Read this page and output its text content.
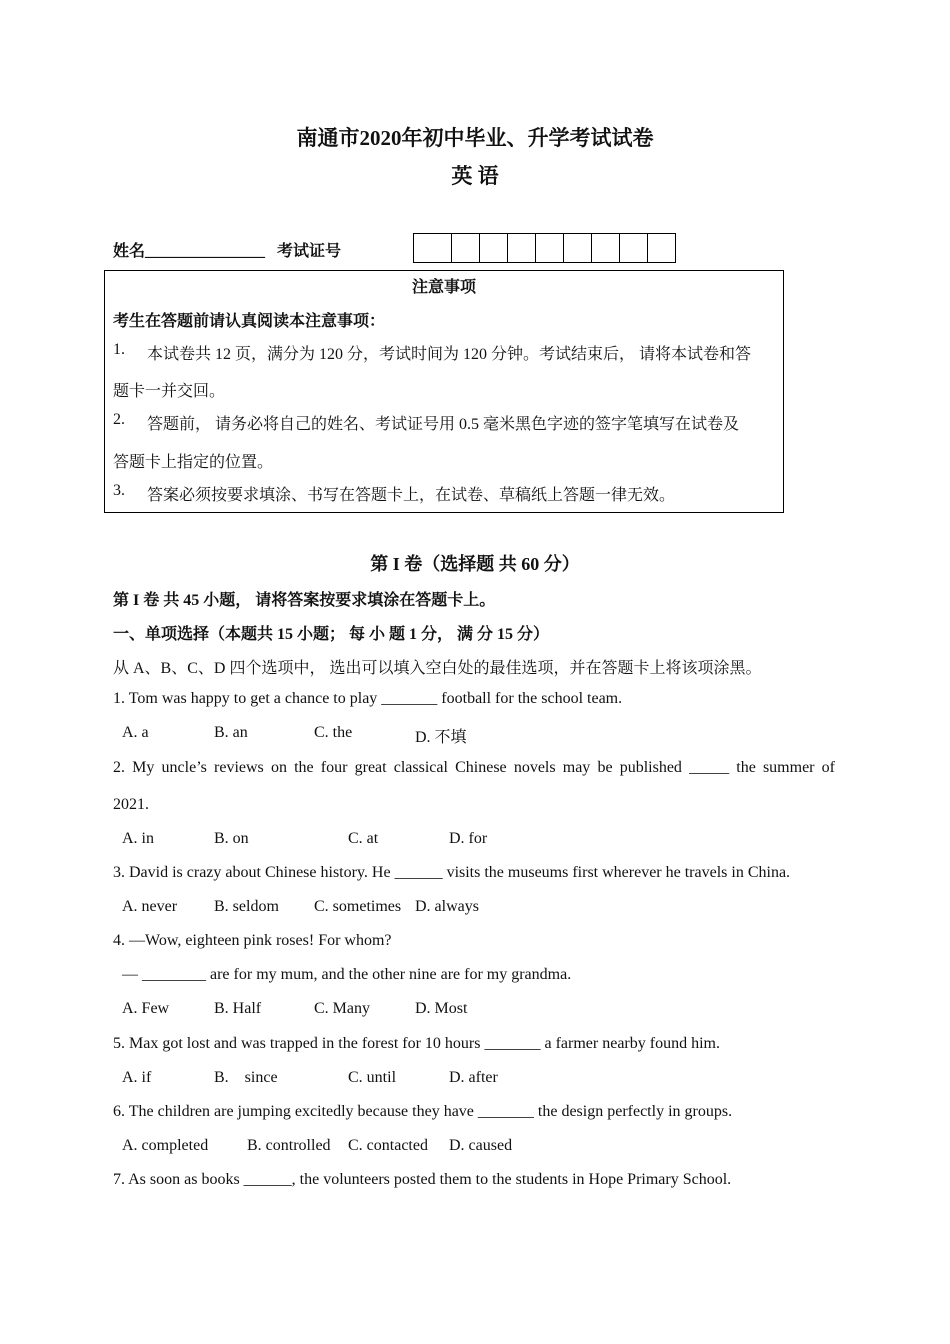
南通市2020年初中毕业、升学考试试卷
英 语
姓名_______________ 考试证号
注意事项
考生在答题前请认真阅读本注意事项：
1. 本试卷共 12 页，满分为 120 分，考试时间为 120 分钟。考试结束后， 请将本试卷和答
题卡一并交回。
2. 答题前， 请务必将自己的姓名、考试证号用 0.5 毫米黑色字迹的签字笔填写在试卷及
答题卡上指定的位置。
3. 答案必须按要求填涂、书写在答题卡上，在试卷、草稿纸上答题一律无效。
第 I 卷（选择题 共 60 分）
第 I 卷 共 45 小题， 请将答案按要求填涂在答题卡上。
一、单项选择（本题共 15 小题； 每 小 题 1 分， 满 分 15 分）
从 A、B、C、D 四个选项中， 选出可以填入空白处的最佳选项，并在答题卡上将该项涂黑。
1. Tom was happy to get a chance to play _______ football for the school team.
A. a	B. an	C. the	D. 不填
2. My uncle’s reviews on the four great classical Chinese novels may be published _____ the summer of
2021.
A. in	B. on	C. at	D. for
3. David is crazy about Chinese history. He ______ visits the museums first wherever he travels in China.
A. never B. seldom C. sometimes D. always
4. —Wow, eighteen pink roses! For whom?
— ________ are for my mum, and the other nine are for my grandma.
A. Few	B. Half	C. Many	D. Most
5. Max got lost and was trapped in the forest for 10 hours _______ a farmer nearby found him.
A. if	B.    since	C. until	D. after
6. The children are jumping excitedly because they have _______ the design perfectly in groups.
A. completed B. controlled C. contacted D. caused
7. As soon as books ______, the volunteers posted them to the students in Hope Primary School.
